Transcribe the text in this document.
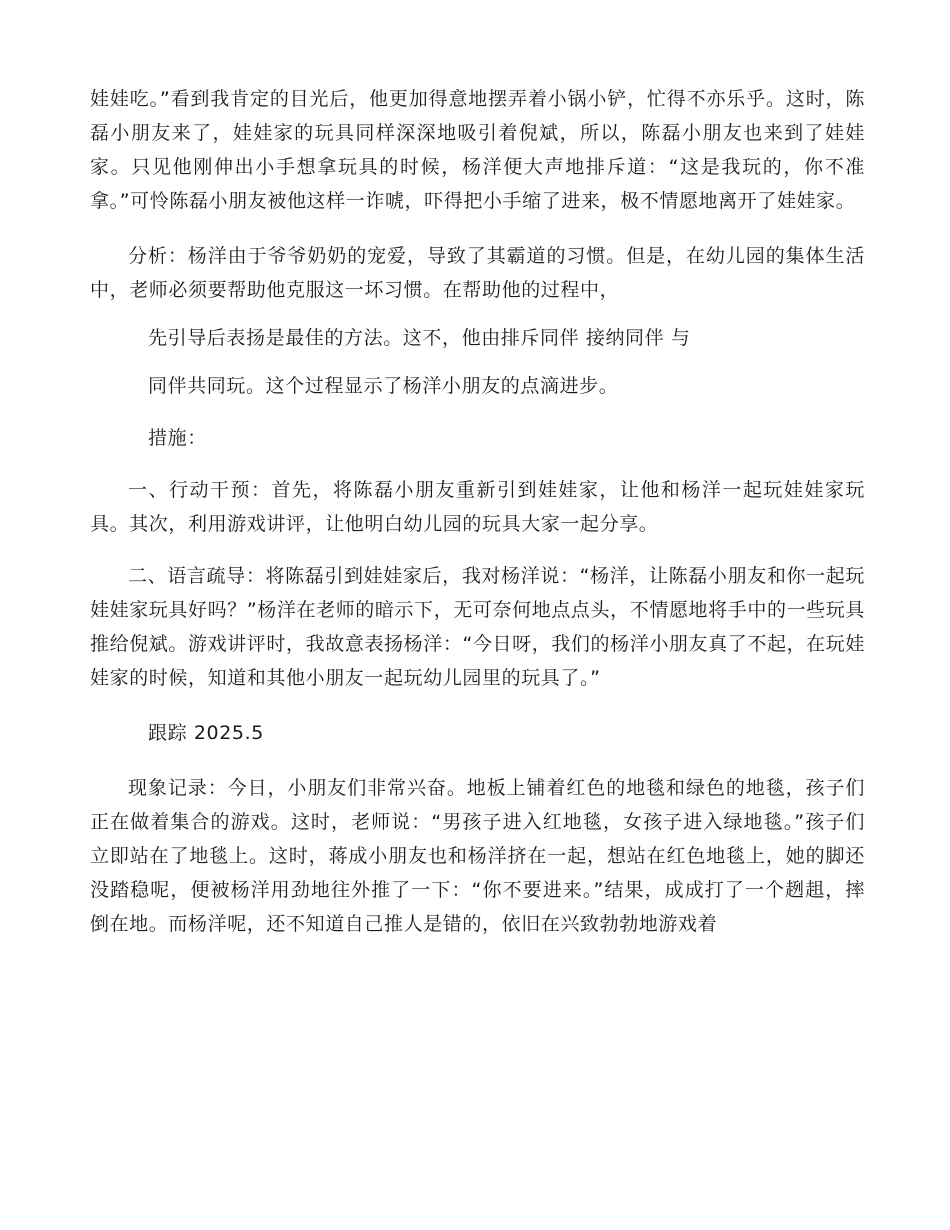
娃娃吃。”看到我肯定的目光后，他更加得意地摆弄着小锅小铲，忙得不亦乐乎。这时，陈磊小朋友来了，娃娃家的玩具同样深深地吸引着倪斌，所以，陈磊小朋友也来到了娃娃家。只见他刚伸出小手想拿玩具的时候，杨洋便大声地排斥道：“这是我玩的，你不准拿。”可怜陈磊小朋友被他这样一诈唬，吓得把小手缩了进来，极不情愿地离开了娃娃家。

分析：杨洋由于爷爷奶奶的宠爱，导致了其霸道的习惯。但是，在幼儿园的集体生活中，老师必须要帮助他克服这一坏习惯。在帮助他的过程中，

先引导后表扬是最佳的方法。这不，他由排斥同伴 接纳同伴 与

同伴共同玩。这个过程显示了杨洋小朋友的点滴进步。

措施：

一、行动干预：首先，将陈磊小朋友重新引到娃娃家，让他和杨洋一起玩娃娃家玩具。其次，利用游戏讲评，让他明白幼儿园的玩具大家一起分享。

二、语言疏导：将陈磊引到娃娃家后，我对杨洋说：“杨洋，让陈磊小朋友和你一起玩娃娃家玩具好吗？”杨洋在老师的暗示下，无可奈何地点点头，不情愿地将手中的一些玩具推给倪斌。游戏讲评时，我故意表扬杨洋：“今日呀，我们的杨洋小朋友真了不起，在玩娃娃家的时候，知道和其他小朋友一起玩幼儿园里的玩具了。”

跟踪 2025.5

现象记录：今日，小朋友们非常兴奋。地板上铺着红色的地毯和绿色的地毯，孩子们正在做着集合的游戏。这时，老师说：“男孩子进入红地毯，女孩子进入绿地毯。”孩子们立即站在了地毯上。这时，蒋成小朋友也和杨洋挤在一起，想站在红色地毯上，她的脚还没踏稳呢，便被杨洋用劲地往外推了一下：“你不要进来。”结果，成成打了一个趔趄，摔倒在地。而杨洋呢，还不知道自己推人是错的，依旧在兴致勃勃地游戏着
